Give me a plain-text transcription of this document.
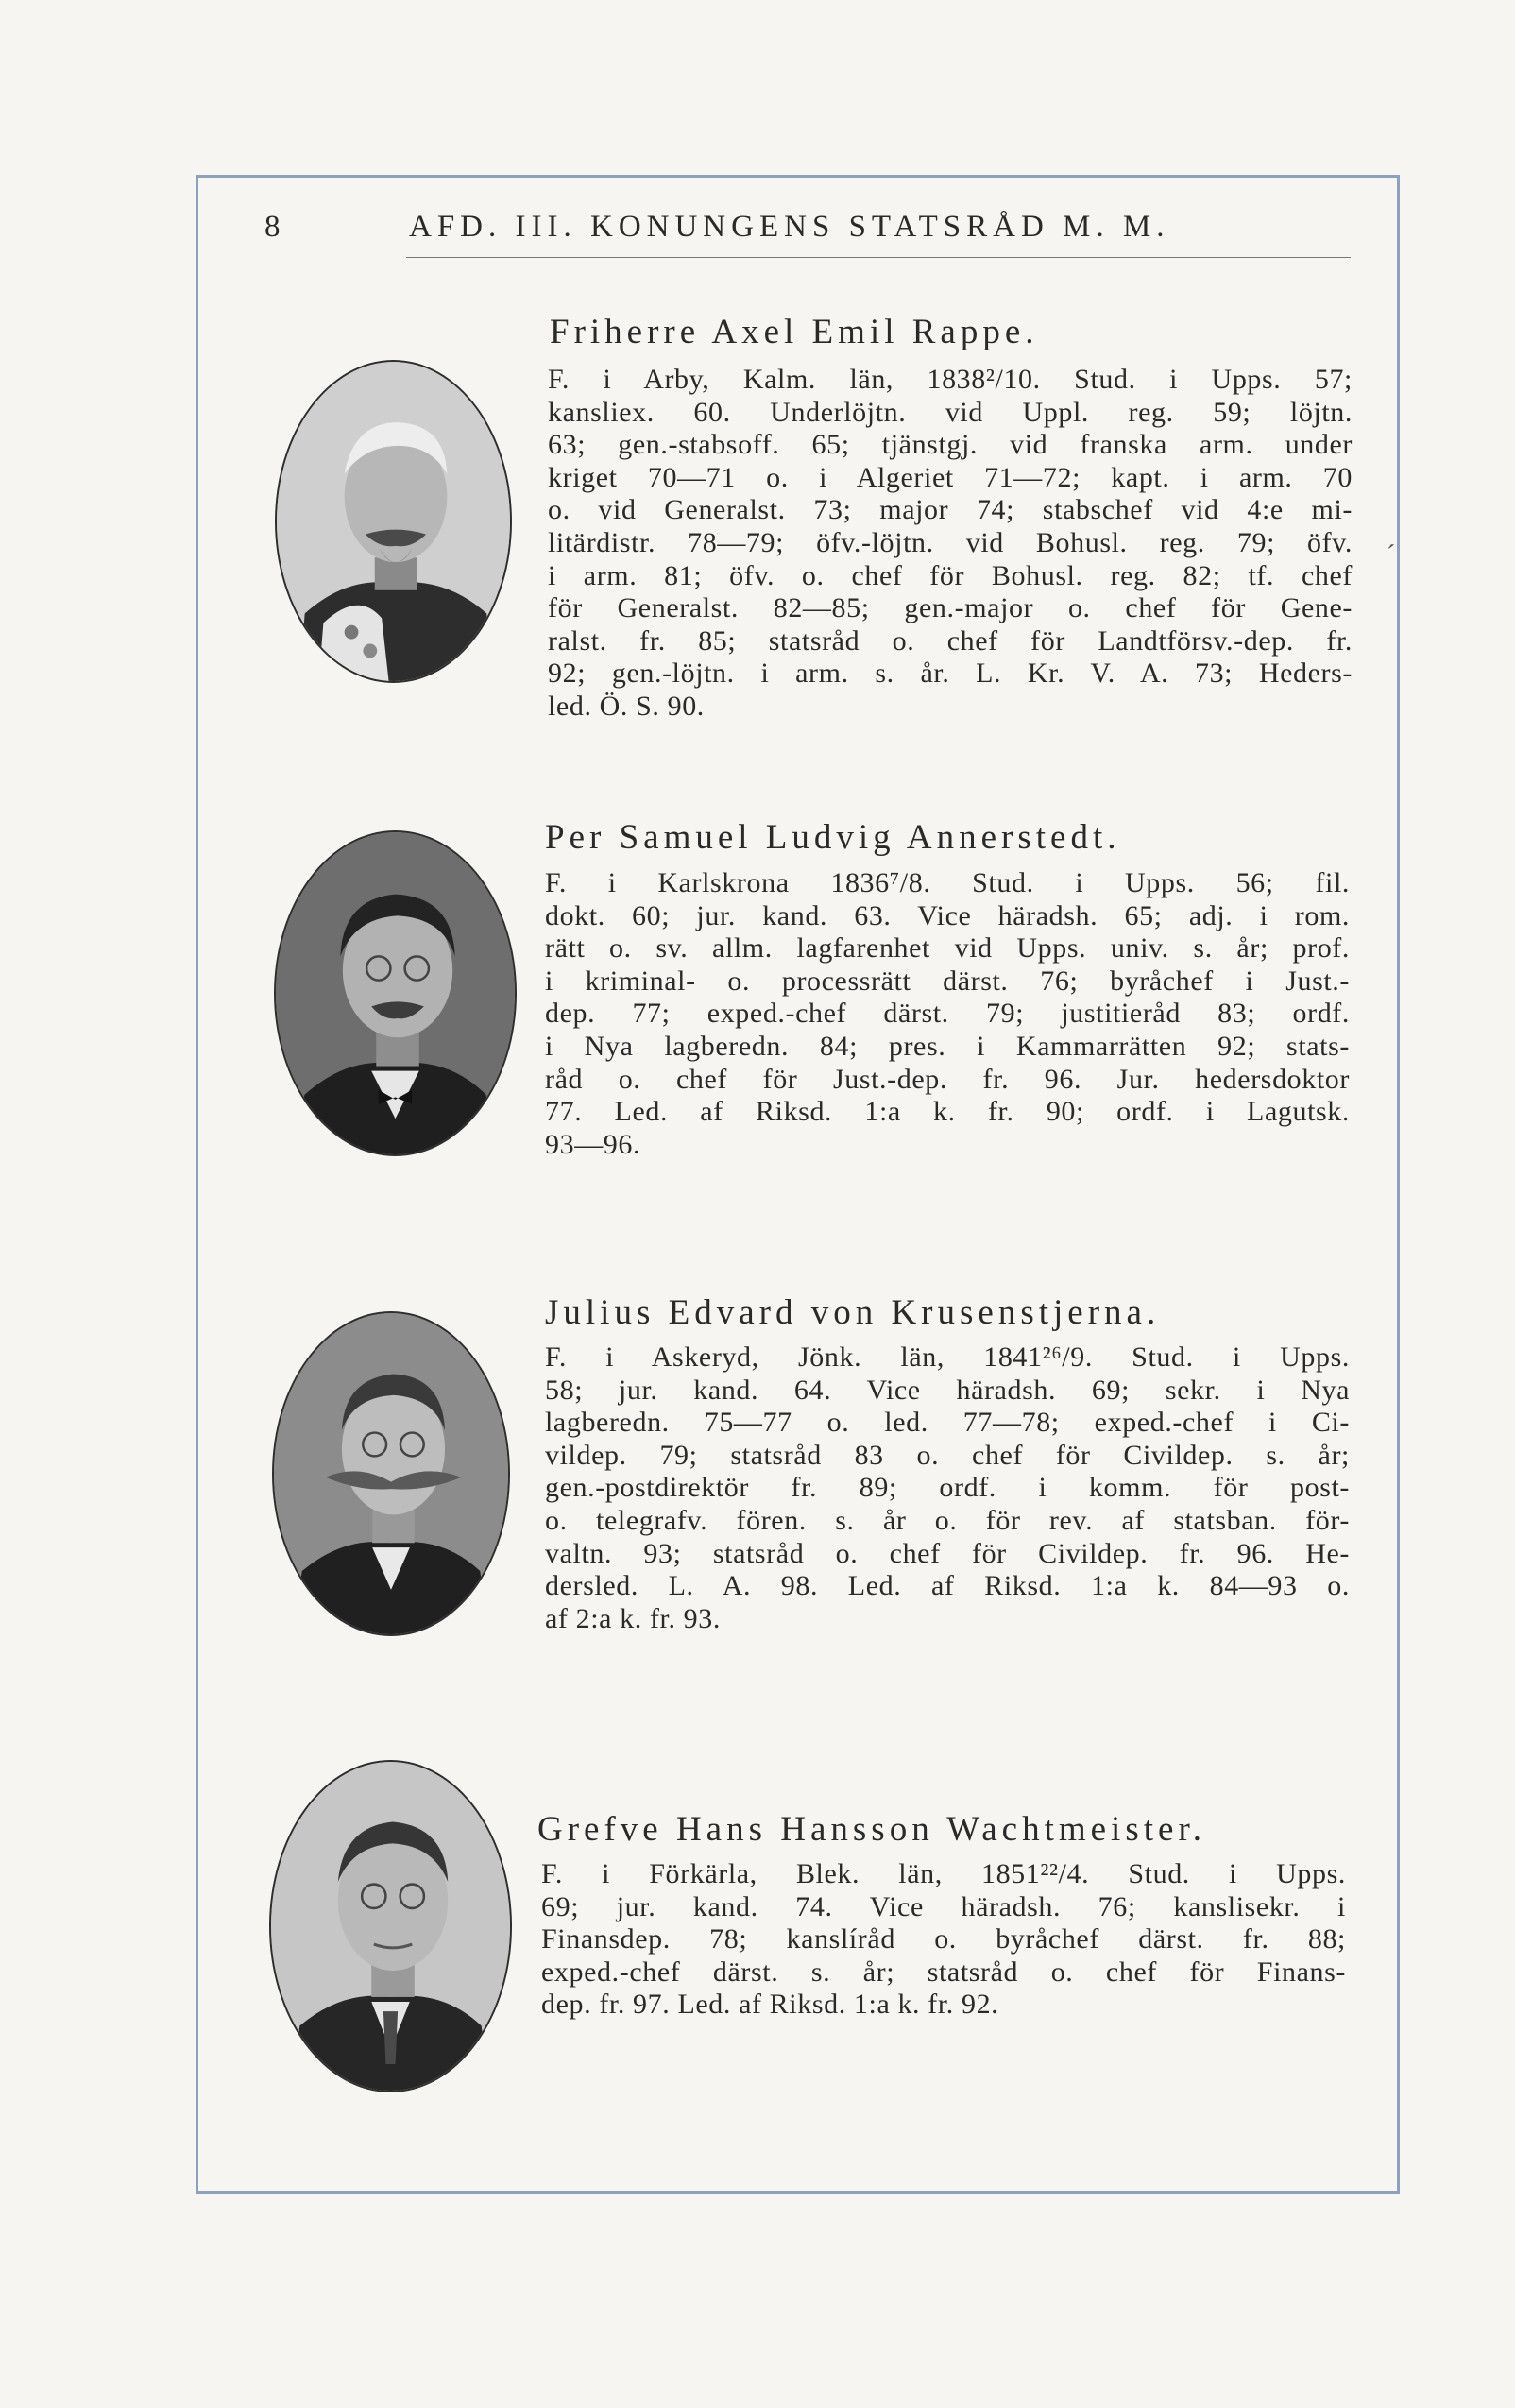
8	AFD. III. KONUNGENS STATSRÅD M. M.
Friherre Axel Emil Rappe.
F. i Arby, Kalm. län, 1838²/10. Stud. i Upps. 57;
kansliex. 60. Underlöjtn. vid Uppl. reg. 59; löjtn.
63; gen.-stabsoff. 65; tjänstgj. vid franska arm. under
kriget 70—71 o. i Algeriet 71—72; kapt. i arm. 70
o. vid Generalst. 73; major 74; stabschef vid 4:e mi-
litärdistr. 78—79; öfv.-löjtn. vid Bohusl. reg. 79; öfv.
i arm. 81; öfv. o. chef för Bohusl. reg. 82; tf. chef
för Generalst. 82—85; gen.-major o. chef för Gene-
ralst. fr. 85; statsråd o. chef för Landtförsv.-dep. fr.
92; gen.-löjtn. i arm. s. år. L. Kr. V. A. 73; Heders-
led. Ö. S. 90.
´
Per Samuel Ludvig Annerstedt.
F. i Karlskrona 1836⁷/8. Stud. i Upps. 56; fil.
dokt. 60; jur. kand. 63. Vice häradsh. 65; adj. i rom.
rätt o. sv. allm. lagfarenhet vid Upps. univ. s. år; prof.
i kriminal- o. processrätt därst. 76; byråchef i Just.-
dep. 77; exped.-chef därst. 79; justitieråd 83; ordf.
i Nya lagberedn. 84; pres. i Kammarrätten 92; stats-
råd o. chef för Just.-dep. fr. 96. Jur. hedersdoktor
77. Led. af Riksd. 1:a k. fr. 90; ordf. i Lagutsk.
93—96.
Julius Edvard von Krusenstjerna.
F. i Askeryd, Jönk. län, 1841²⁶/9. Stud. i Upps.
58; jur. kand. 64. Vice häradsh. 69; sekr. i Nya
lagberedn. 75—77 o. led. 77—78; exped.-chef i Ci-
vildep. 79; statsråd 83 o. chef för Civildep. s. år;
gen.-postdirektör fr. 89; ordf. i komm. för post-
o. telegrafv. fören. s. år o. för rev. af statsban. för-
valtn. 93; statsråd o. chef för Civildep. fr. 96. He-
dersled. L. A. 98. Led. af Riksd. 1:a k. 84—93 o.
af 2:a k. fr. 93.
Grefve Hans Hansson Wachtmeister.
F. i Förkärla, Blek. län, 1851²²/4. Stud. i Upps.
69; jur. kand. 74. Vice häradsh. 76; kanslisekr. i
Finansdep. 78; kanslíråd o. byråchef därst. fr. 88;
exped.-chef därst. s. år; statsråd o. chef för Finans-
dep. fr. 97. Led. af Riksd. 1:a k. fr. 92.
